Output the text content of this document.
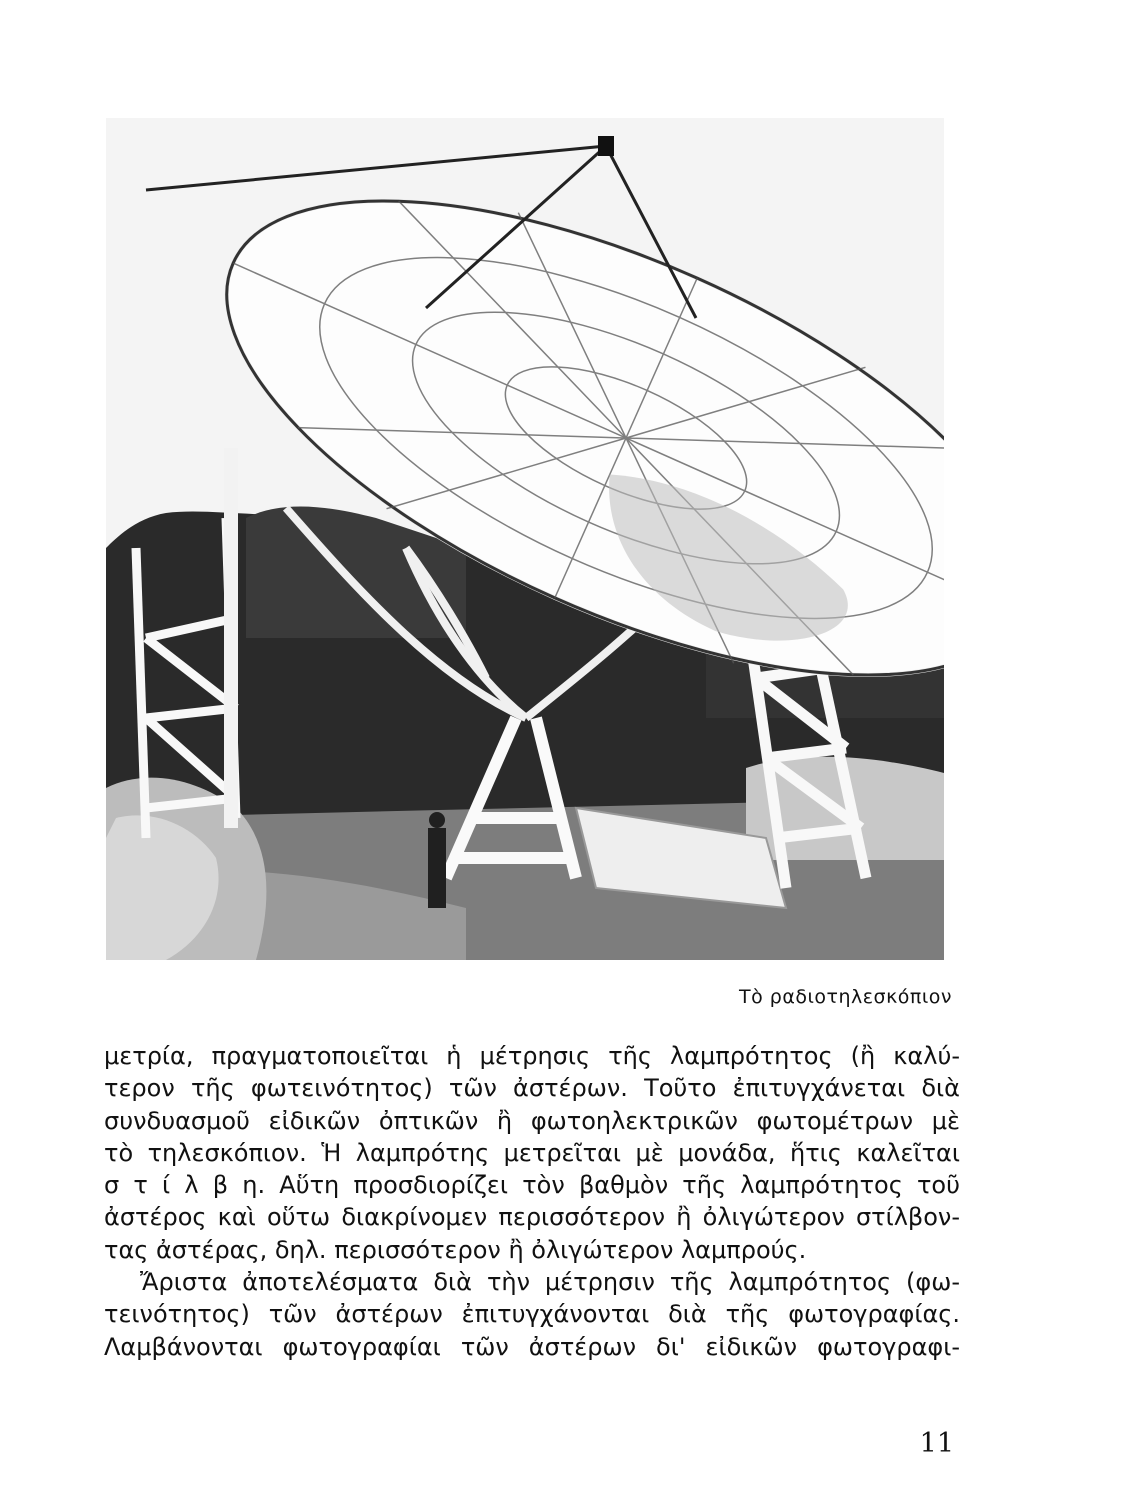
Τὸ ραδιοτηλεσκόπιον
μετρία, πραγματοποιεῖται ἡ μέτρησις τῆς λαμπρότητος (ἢ καλύ-
τερον τῆς φωτεινότητος) τῶν ἀστέρων. Τοῦτο ἐπιτυγχάνεται διὰ
συνδυασμοῦ εἰδικῶν ὀπτικῶν ἢ φωτοηλεκτρικῶν φωτομέτρων μὲ
τὸ τηλεσκόπιον. Ἡ λαμπρότης μετρεῖται μὲ μονάδα, ἥτις καλεῖται
σ τ ί λ β η. Αὕτη προσδιορίζει τὸν βαθμὸν τῆς λαμπρότητος τοῦ
ἀστέρος καὶ οὕτω διακρίνομεν περισσότερον ἢ ὀλιγώτερον στίλβον-
τας ἀστέρας, δηλ. περισσότερον ἢ ὀλιγώτερον λαμπρούς.
Ἄριστα ἀποτελέσματα διὰ τὴν μέτρησιν τῆς λαμπρότητος (φω-
τεινότητος) τῶν ἀστέρων ἐπιτυγχάνονται διὰ τῆς φωτογραφίας.
Λαμβάνονται φωτογραφίαι τῶν ἀστέρων δι' εἰδικῶν φωτογραφι-
11
